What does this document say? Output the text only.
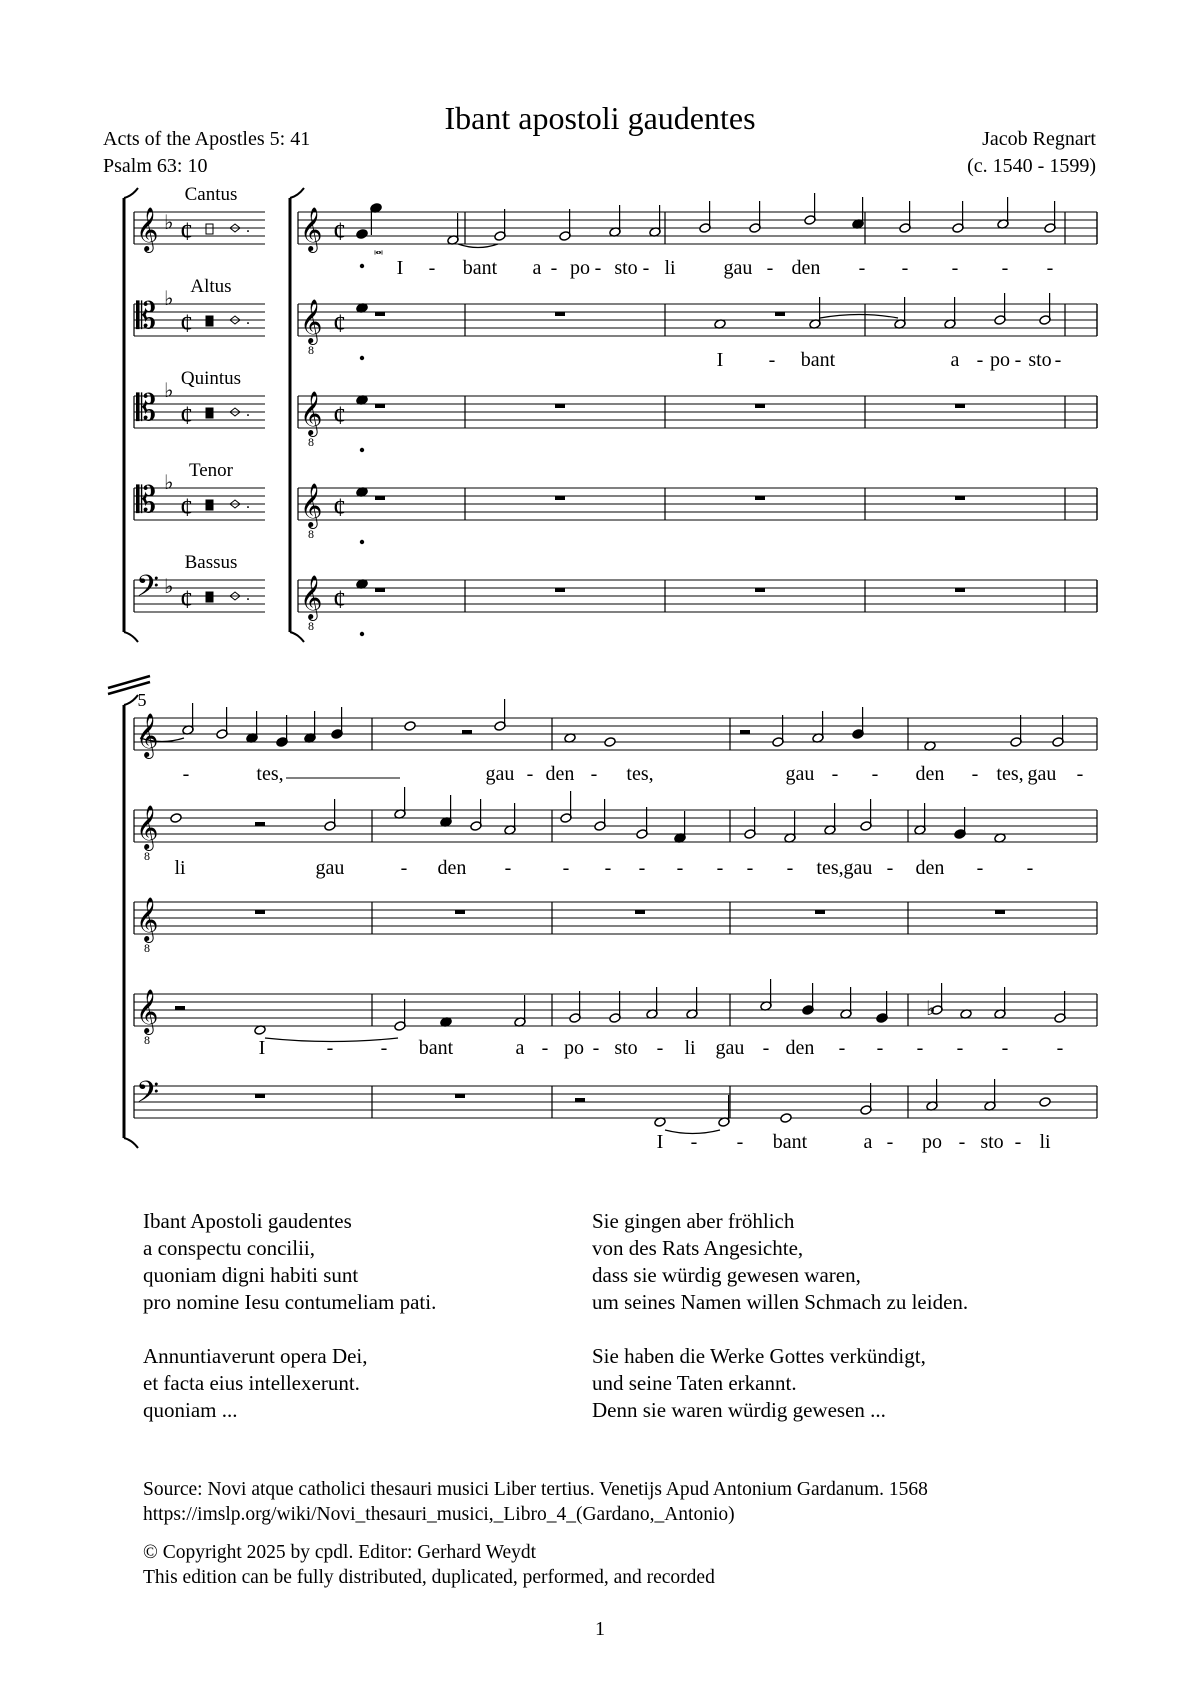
Ibant apostoli gaudentes
Acts of the Apostles 5: 41
Psalm 63: 10
Jacob Regnart
(c. 1540 - 1599)
Cantus
𝄞 ♭ ¢	. 𝄞 ¢
Altus
𝄡 ♭
¢	. 𝄞
8
¢
Quintus
𝄡 ♭
¢	. 𝄞
8
¢
Tenor
𝄡 ♭
¢	. 𝄞
8
¢
Bassus
𝄢 ♭ ¢	. 𝄞
8
¢
𝅜
I - bant a - po - sto - li gau - den - - - - -
I - bant	a - po - sto -
5
𝄞
𝄞
8
𝄞
8
𝄞
8
𝄢
-	tes,	gau - den - tes,	gau - - den - tes, gau -
li	gau	- den -	- - - - - - - tes, gau - den - -
♭
I	- - bant	a - po - sto - li gau - den - - - - - -
I - - bant	a - po - sto - li
Ibant Apostoli gaudentes
a conspectu concilii,
quoniam digni habiti sunt
pro nomine Iesu contumeliam pati.
Annuntiaverunt opera Dei,
et facta eius intellexerunt.
quoniam ...
Sie gingen aber fröhlich
von des Rats Angesichte,
dass sie würdig gewesen waren,
um seines Namen willen Schmach zu leiden.
Sie haben die Werke Gottes verkündigt,
und seine Taten erkannt.
Denn sie waren würdig gewesen ...
Source: Novi atque catholici thesauri musici Liber tertius. Venetijs Apud Antonium Gardanum. 1568
https://imslp.org/wiki/Novi_thesauri_musici,_Libro_4_(Gardano,_Antonio)
© Copyright 2025 by cpdl. Editor: Gerhard Weydt
This edition can be fully distributed, duplicated, performed, and recorded
1
